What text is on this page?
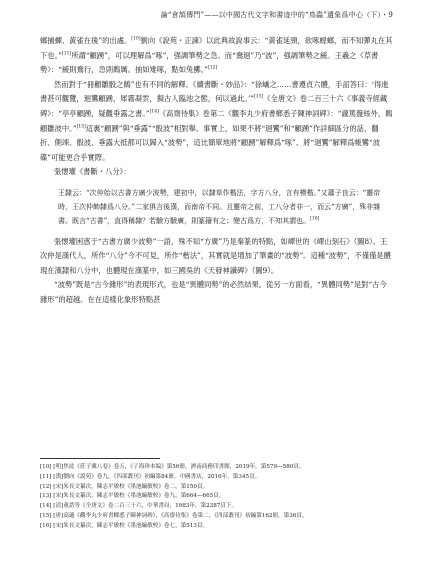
論“倉頡傳門”——以中國古代文字和書迹中的“鳥蟲”遺象爲中心（下）・9

螂捕蟬、黃雀在後”的出處。[10]劉向《說苑・正諫》以此典故說事云：“黃雀延頸，欲啄螳螂，而不知彈丸在其下也。”[11]所謂“顧踴”，可以理解爲“啄”，强調筆勢之急。而“鴦迴”乃“波”，强調筆勢之緩。王羲之《草書勢》：“緩則鴦行，急則鵲厲。抽如雉啄，點如兔擲。”[12]

然而對于“冊顧雛骰之鵲”也有不同的解釋。《續書斷・妙品》：“徐嶠之……書遵貞六體，手詔答曰：‘得進書甚可觀覽，迴鸞顧踴，犀霧凝雲，擬古人臨池之態，何以過此。’”[13]《全唐文》卷二百三十六《事義寺經藏碑》：“亭亭顧踴，疑觀垂露之書。”[14]《高齋待集》卷第二《觀李丸少府書榔悉子陳神詞碑》：“瀧篤盤絲外，鵲顧雛波中。”[15]這裏“顧踴”與“垂露”“骰波”相對舉。事實上，如果不將“迴鸞”和“顧踴”作詳細區分的話，翻折、側竦、骰波、垂露大抵都可以歸入“波勢”，這比簡單地將“顧踴”解釋爲“啄”、將“迴鸞”解釋爲帳鸞“波碟”可能更合乎實際。

張懷瓘《書斷・八分》：

王隸云：“次仲始以古書方廣少波勢，建初中，以隸草作楷法，字方八分，言有模楷。”又蕭子良云：“靈帝時，王次仲飾隸爲八分。”二家俱言後漢，而南帝不同。且靈帝之前，工八分者非一，而云“方廣”，殊非雜書。既言“古書”，直得稱隸？若驗方驗廣，則篆籀有之；變古爲方，不知其謂也。[16]

張懷瓘困惑于“古書方廣少波勢”一語，殊不知“方廣”乃是秦篆的特點，如嶧世的《嶧山刻石》（圖8）。王次仲是漢代人，所作“八分”今不可見，所作“楷法”，其實就是增加了筆畫的“波勢”。這種“波勢”，不僅僅是體現在漢隸和八分中，也體現在漢篆中，如三國吳的《天發神讖碑》（圖9）。

“波勢”既是“古今雜形”的表現形式，也是“異體同勢”的必然結果。從另一方面看，“異體同勢”是對“古今雜形”的超越。在在這樣化象形特點甚

[10] [明]焦竑《莊子翼八卷》卷五，《子海珍本编》第56冊，濟南商務印書館，2019年，第579—580頁。
[11] [漢]劉向《說苑》卷九，《四部叢刊》初編第84冊，中國書店，2016年，第345頁。
[12] [宋]朱長文纂次，陳志平敏校《墨池編敏校》卷二，第150頁。
[13] [宋]朱長文纂次，陳志平敏校《墨池編敏校》卷九，第664—665頁。
[14] [清]董誥等《全唐文》卷二百三十六，中華書局，1983年，第2387頁下。
[15] [唐]高適《觀李丸少府書榔悉子陳神詞碑》，《高齋待集》卷第二，《四部叢刊》初編第162冊，第36頁。
[16] [宋]朱長文纂次，陳志平敏校《墨池編敏校》卷七，第513頁。
